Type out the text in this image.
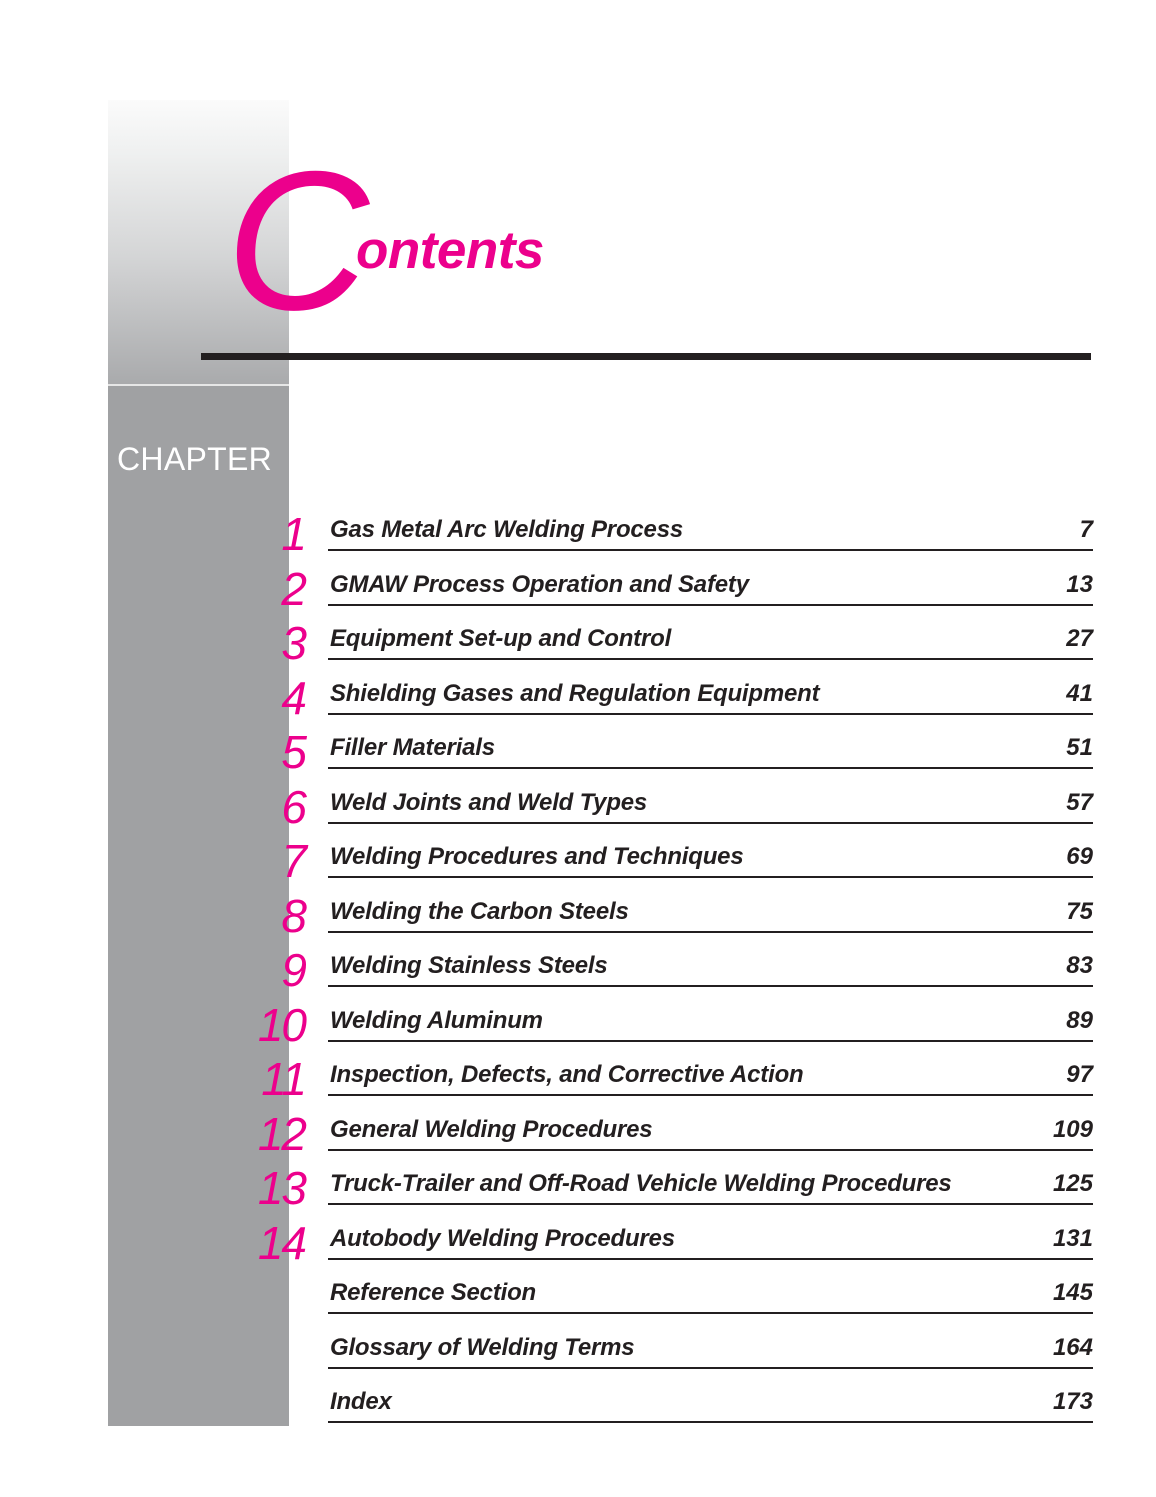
C
ontents
CHAPTER
1 Gas Metal Arc Welding Process	7
2 GMAW Process Operation and Safety	13
3 Equipment Set-up and Control	27
4 Shielding Gases and Regulation Equipment	41
5 Filler Materials	51
6 Weld Joints and Weld Types	57
7 Welding Procedures and Techniques	69
8 Welding the Carbon Steels	75
9 Welding Stainless Steels	83
10 Welding Aluminum	89
11 Inspection, Defects, and Corrective Action	97
12 General Welding Procedures	109
13 Truck-Trailer and Off-Road Vehicle Welding Procedures	125
14 Autobody Welding Procedures	131
Reference Section	145
Glossary of Welding Terms	164
Index	173
